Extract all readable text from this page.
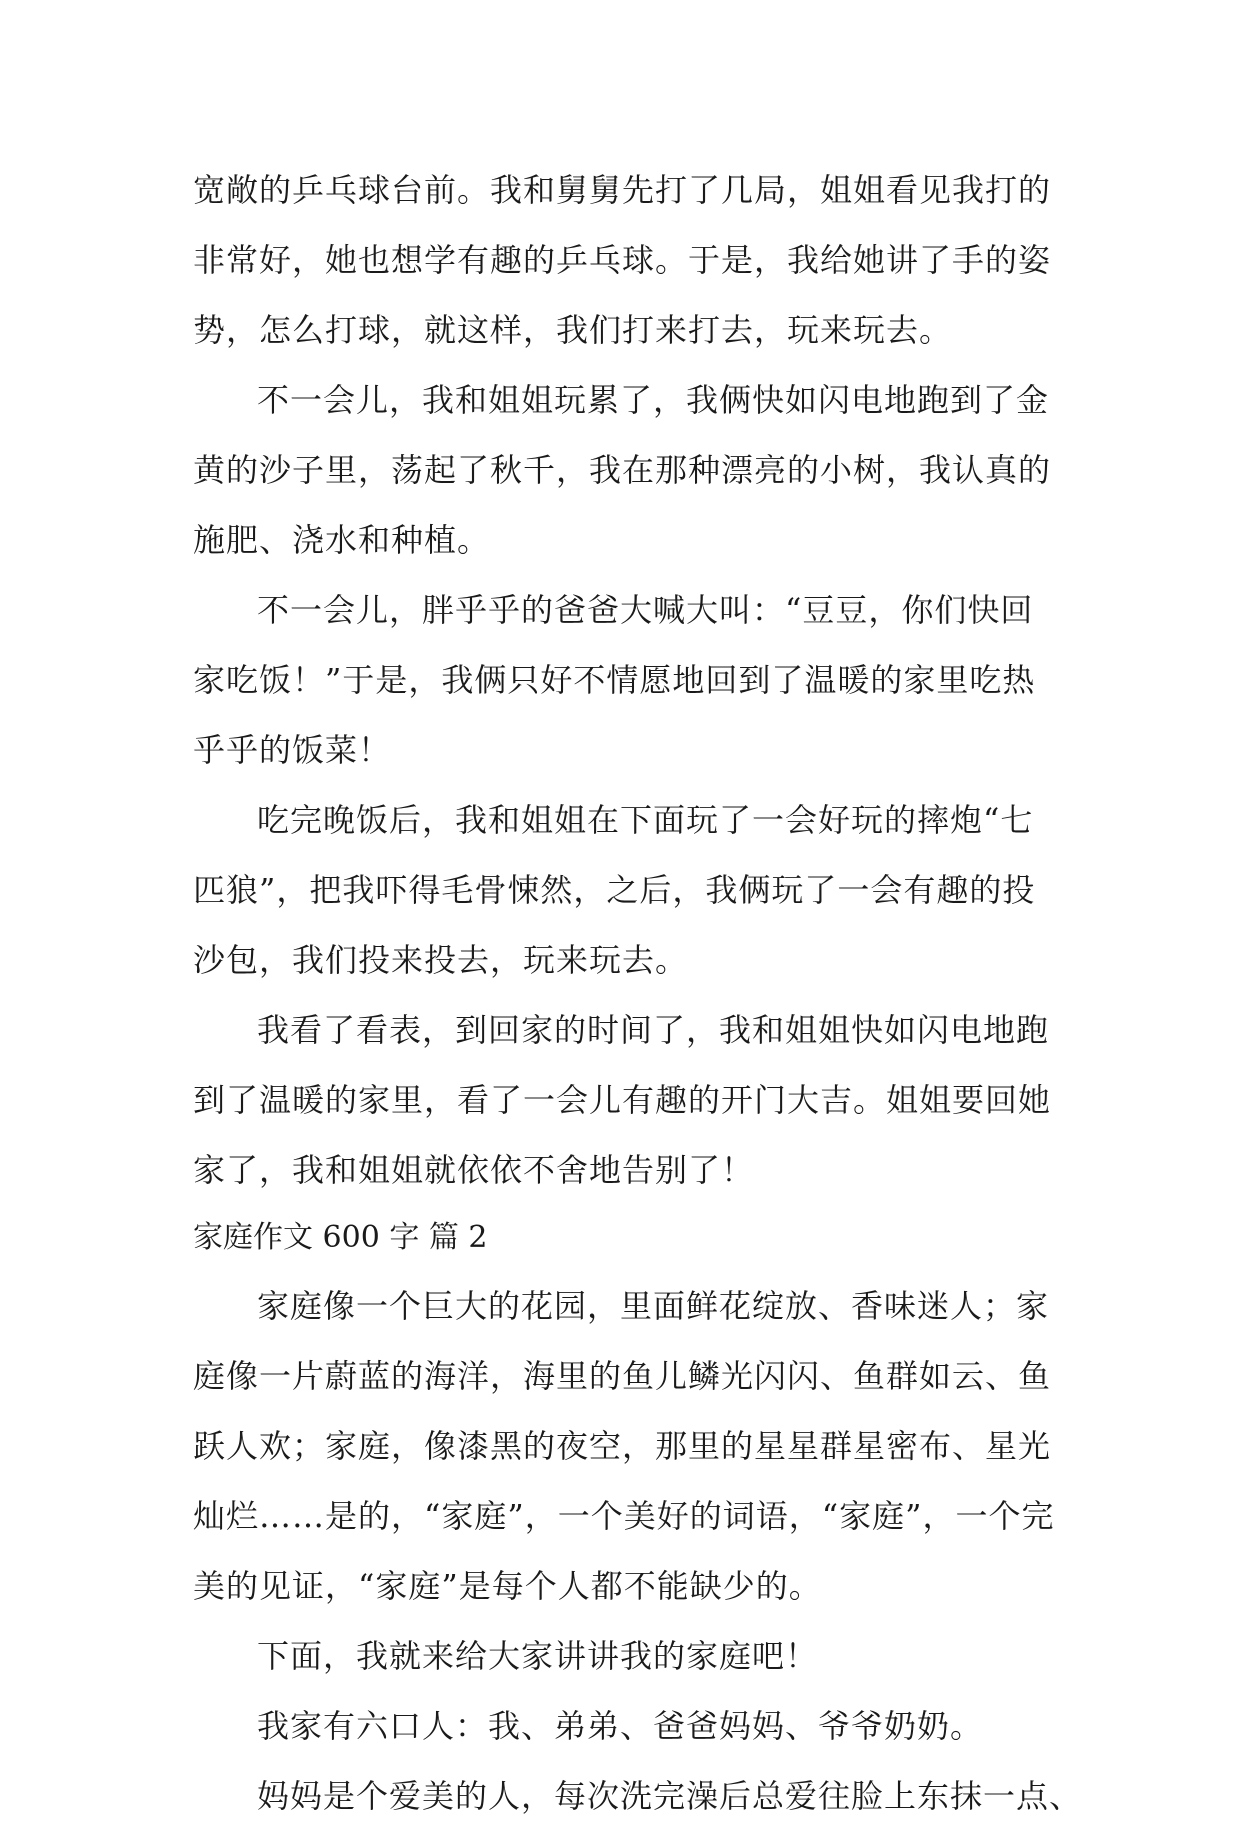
宽敞的乒乓球台前。我和舅舅先打了几局，姐姐看见我打的
非常好，她也想学有趣的乒乓球。于是，我给她讲了手的姿
势，怎么打球，就这样，我们打来打去，玩来玩去。
不一会儿，我和姐姐玩累了，我俩快如闪电地跑到了金
黄的沙子里，荡起了秋千，我在那种漂亮的小树，我认真的
施肥、浇水和种植。
不一会儿，胖乎乎的爸爸大喊大叫：“豆豆，你们快回
家吃饭！”于是，我俩只好不情愿地回到了温暖的家里吃热
乎乎的饭菜！
吃完晚饭后，我和姐姐在下面玩了一会好玩的摔炮“七
匹狼”，把我吓得毛骨悚然，之后，我俩玩了一会有趣的投
沙包，我们投来投去，玩来玩去。
我看了看表，到回家的时间了，我和姐姐快如闪电地跑
到了温暖的家里，看了一会儿有趣的开门大吉。姐姐要回她
家了，我和姐姐就依依不舍地告别了！
家庭作文 600 字 篇 2
家庭像一个巨大的花园，里面鲜花绽放、香味迷人；家
庭像一片蔚蓝的海洋，海里的鱼儿鳞光闪闪、鱼群如云、鱼
跃人欢；家庭，像漆黑的夜空，那里的星星群星密布、星光
灿烂……是的，“家庭”，一个美好的词语，“家庭”，一个完
美的见证，“家庭”是每个人都不能缺少的。
下面，我就来给大家讲讲我的家庭吧！
我家有六口人：我、弟弟、爸爸妈妈、爷爷奶奶。
妈妈是个爱美的人，每次洗完澡后总爱往脸上东抹一点、
